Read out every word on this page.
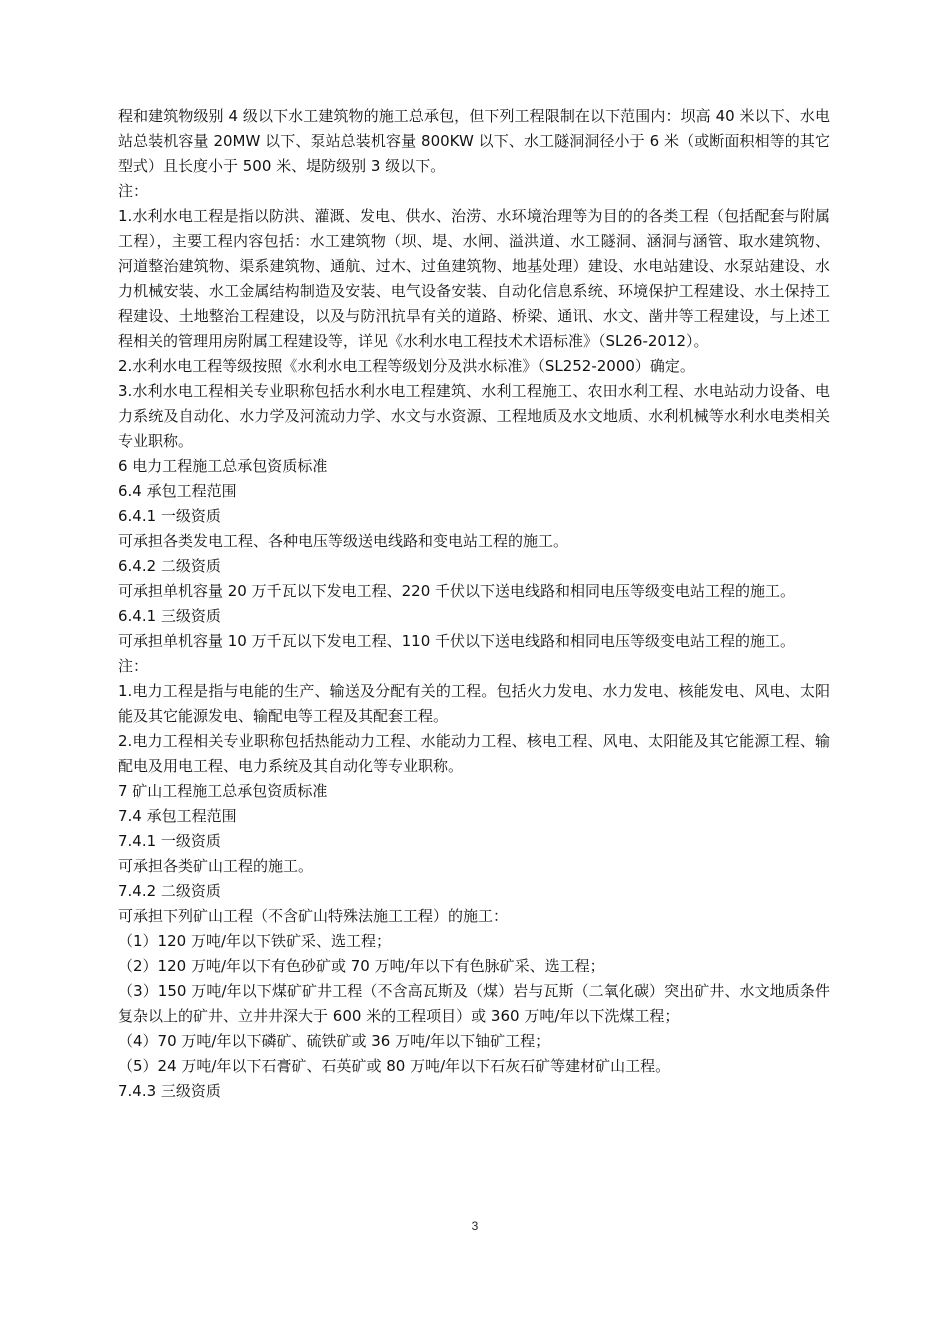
程和建筑物级别 4 级以下水工建筑物的施工总承包，但下列工程限制在以下范围内：坝高 40 米以下、水电站总装机容量 20MW 以下、泵站总装机容量 800KW 以下、水工隧洞洞径小于 6 米（或断面积相等的其它型式）且长度小于 500 米、堤防级别 3 级以下。

注：

1.水利水电工程是指以防洪、灌溉、发电、供水、治涝、水环境治理等为目的的各类工程（包括配套与附属工程），主要工程内容包括：水工建筑物（坝、堤、水闸、溢洪道、水工隧洞、涵洞与涵管、取水建筑物、河道整治建筑物、渠系建筑物、通航、过木、过鱼建筑物、地基处理）建设、水电站建设、水泵站建设、水力机械安装、水工金属结构制造及安装、电气设备安装、自动化信息系统、环境保护工程建设、水土保持工程建设、土地整治工程建设，以及与防汛抗旱有关的道路、桥梁、通讯、水文、凿井等工程建设，与上述工程相关的管理用房附属工程建设等，详见《水利水电工程技术术语标准》（SL26-2012）。

2.水利水电工程等级按照《水利水电工程等级划分及洪水标准》（SL252-2000）确定。

3.水利水电工程相关专业职称包括水利水电工程建筑、水利工程施工、农田水利工程、水电站动力设备、电力系统及自动化、水力学及河流动力学、水文与水资源、工程地质及水文地质、水利机械等水利水电类相关专业职称。

6 电力工程施工总承包资质标准

6.4 承包工程范围

6.4.1 一级资质

可承担各类发电工程、各种电压等级送电线路和变电站工程的施工。

6.4.2 二级资质

可承担单机容量 20 万千瓦以下发电工程、220 千伏以下送电线路和相同电压等级变电站工程的施工。

6.4.1 三级资质

可承担单机容量 10 万千瓦以下发电工程、110 千伏以下送电线路和相同电压等级变电站工程的施工。

注：

1.电力工程是指与电能的生产、输送及分配有关的工程。包括火力发电、水力发电、核能发电、风电、太阳能及其它能源发电、输配电等工程及其配套工程。

2.电力工程相关专业职称包括热能动力工程、水能动力工程、核电工程、风电、太阳能及其它能源工程、输配电及用电工程、电力系统及其自动化等专业职称。

7 矿山工程施工总承包资质标准

7.4 承包工程范围

7.4.1 一级资质

可承担各类矿山工程的施工。

7.4.2 二级资质

可承担下列矿山工程（不含矿山特殊法施工工程）的施工：

（1）120 万吨/年以下铁矿采、选工程；

（2）120 万吨/年以下有色砂矿或 70 万吨/年以下有色脉矿采、选工程；

（3）150 万吨/年以下煤矿矿井工程（不含高瓦斯及（煤）岩与瓦斯（二氧化碳）突出矿井、水文地质条件复杂以上的矿井、立井井深大于 600 米的工程项目）或 360 万吨/年以下洗煤工程；

（4）70 万吨/年以下磷矿、硫铁矿或 36 万吨/年以下铀矿工程；

（5）24 万吨/年以下石膏矿、石英矿或 80 万吨/年以下石灰石矿等建材矿山工程。

7.4.3 三级资质

3
